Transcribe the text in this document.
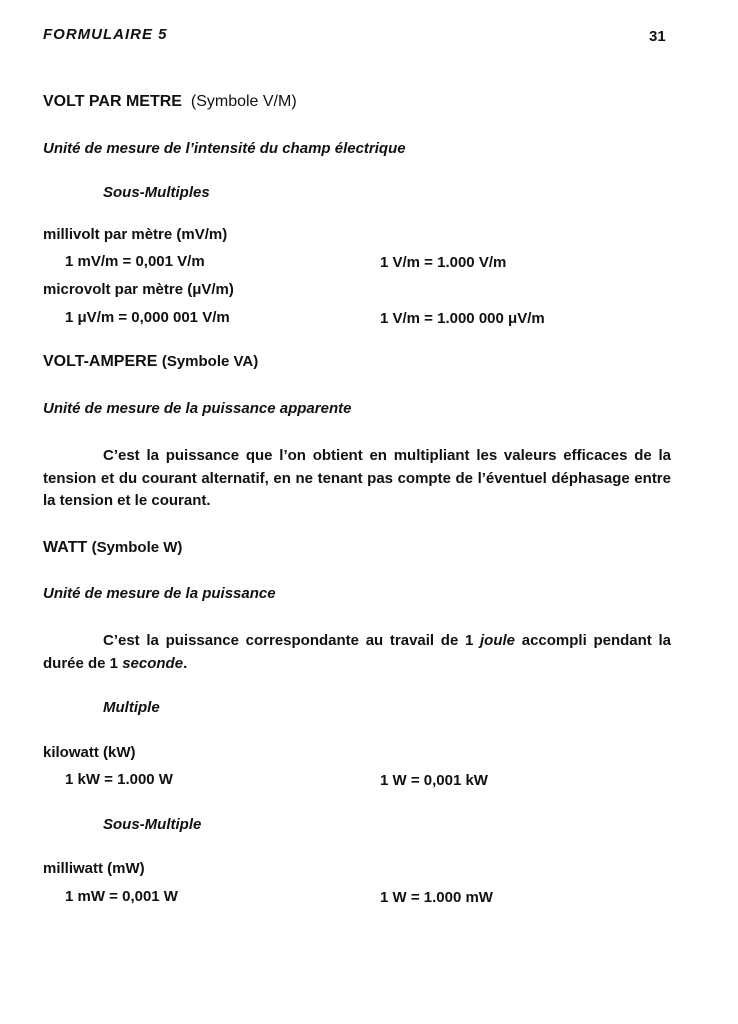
FORMULAIRE 5	31
VOLT PAR METRE (Symbole V/M)
Unité de mesure de l’intensité du champ électrique
Sous-Multiples
millivolt par mètre (mV/m)
1 mV/m = 0,001 V/m	1 V/m = 1.000 V/m
microvolt par mètre (μV/m)
1 μV/m = 0,000 001 V/m	1 V/m = 1.000 000 μV/m
VOLT-AMPERE (Symbole VA)
Unité de mesure de la puissance apparente
C’est la puissance que l’on obtient en multipliant les valeurs efficaces de la tension et du courant alternatif, en ne tenant pas compte de l’éventuel déphasage entre la tension et le courant.
WATT (Symbole W)
Unité de mesure de la puissance
C’est la puissance correspondante au travail de 1 joule accompli pendant la durée de 1 seconde.
Multiple
kilowatt (kW)
1 kW = 1.000 W	1 W = 0,001 kW
Sous-Multiple
milliwatt (mW)
1 mW = 0,001 W	1 W = 1.000 mW
